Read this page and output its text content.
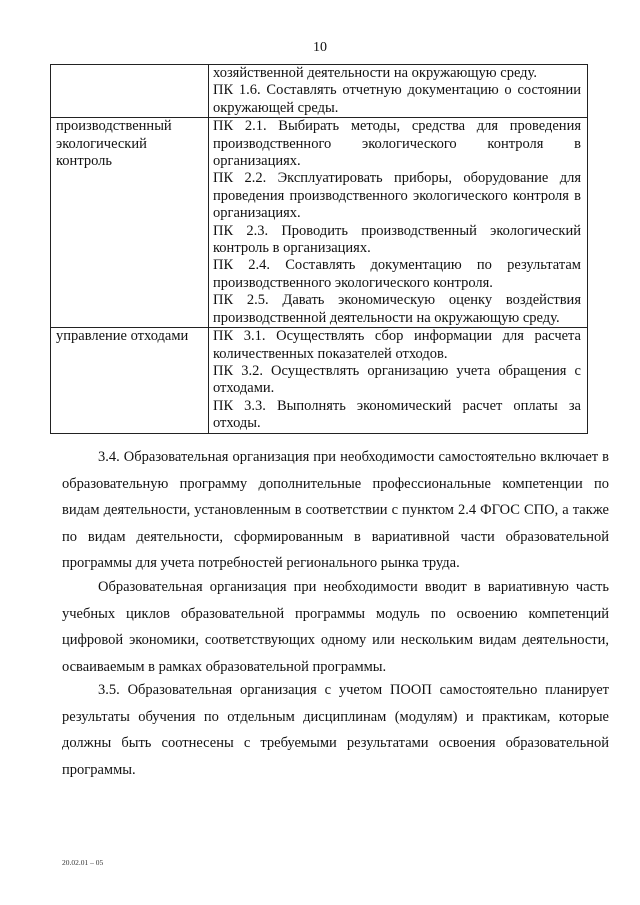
10

	хозяйственной деятельности на окружающую среду.
ПК 1.6. Составлять отчетную документацию о состоянии окружающей среды.

производственный экологический контроль	ПК 2.1. Выбирать методы, средства для проведения производственного экологического контроля в организациях.
ПК 2.2. Эксплуатировать приборы, оборудование для проведения производственного экологического контроля в организациях.
ПК 2.3. Проводить производственный экологический контроль в организациях.
ПК 2.4. Составлять документацию по результатам производственного экологического контроля.
ПК 2.5. Давать экономическую оценку воздействия производственной деятельности на окружающую среду.

управление отходами	ПК 3.1. Осуществлять сбор информации для расчета количественных показателей отходов.
ПК 3.2. Осуществлять организацию учета обращения с отходами.
ПК 3.3. Выполнять экономический расчет оплаты за отходы.
3.4. Образовательная организация при необходимости самостоятельно включает в образовательную программу дополнительные профессиональные компетенции по видам деятельности, установленным в соответствии с пунктом 2.4 ФГОС СПО, а также по видам деятельности, сформированным в вариативной части образовательной программы для учета потребностей регионального рынка труда.
Образовательная организация при необходимости вводит в вариативную часть учебных циклов образовательной программы модуль по освоению компетенций цифровой экономики, соответствующих одному или нескольким видам деятельности, осваиваемым в рамках образовательной программы.
3.5. Образовательная организация с учетом ПООП самостоятельно планирует результаты обучения по отдельным дисциплинам (модулям) и практикам, которые должны быть соотнесены с требуемыми результатами освоения образовательной программы.
20.02.01 – 05
